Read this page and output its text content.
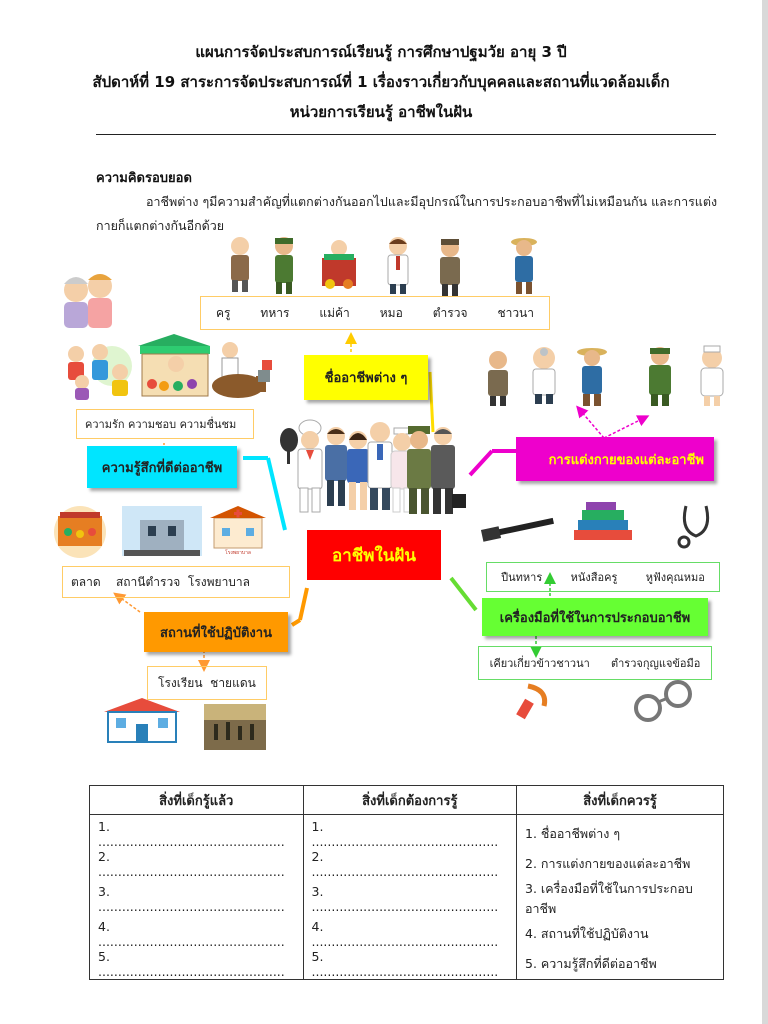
แผนการจัดประสบการณ์เรียนรู้ การศึกษาปฐมวัย อายุ 3 ปี
สัปดาห์ที่ 19 สาระการจัดประสบการณ์ที่ 1 เรื่องราวเกี่ยวกับบุคคลและสถานที่แวดล้อมเด็ก
หน่วยการเรียนรู้ อาชีพในฝัน
ความคิดรอบยอด
อาชีพต่าง ๆมีความสำคัญที่แตกต่างกันออกไปและมีอุปกรณ์ในการประกอบอาชีพที่ไม่เหมือนกัน และการแต่งกายก็แตกต่างกันอีกด้วย
โรงพยาบาล
ครู ทหาร แม่ค้า หมอ ตำรวจ ชาวนา
ชื่ออาชีพต่าง ๆ
ความรัก
ความชอบ
ความชื่นชม
ความรู้สึกที่ดีต่ออาชีพ
การแต่งกายของแต่ละอาชีพ
อาชีพในฝัน
ตลาด
สถานีตำรวจ
โรงพยาบาล
สถานที่ใช้ปฏิบัติงาน
โรงเรียน
ชายแดน
ปืนทหาร	หนังสือครู	หูฟังคุณหมอ
เครื่องมือที่ใช้ในการประกอบอาชีพ
เคียวเกี่ยวข้าวชาวนา ตำรวจกุญแจข้อมือ
สิ่งที่เด็กรู้แล้ว	สิ่งที่เด็กต้องการรู้	สิ่งที่เด็กควรรู้
1. ...............................................	1. ...............................................	1. ชื่ออาชีพต่าง ๆ
2. ...............................................	2. ...............................................	2. การแต่งกายของแต่ละอาชีพ
3. ...............................................	3. ...............................................	3. เครื่องมือที่ใช้ในการประกอบอาชีพ
4. ...............................................	4. ...............................................	4. สถานที่ใช้ปฏิบัติงาน
5. ...............................................	5. ...............................................	5. ความรู้สึกที่ดีต่ออาชีพ
